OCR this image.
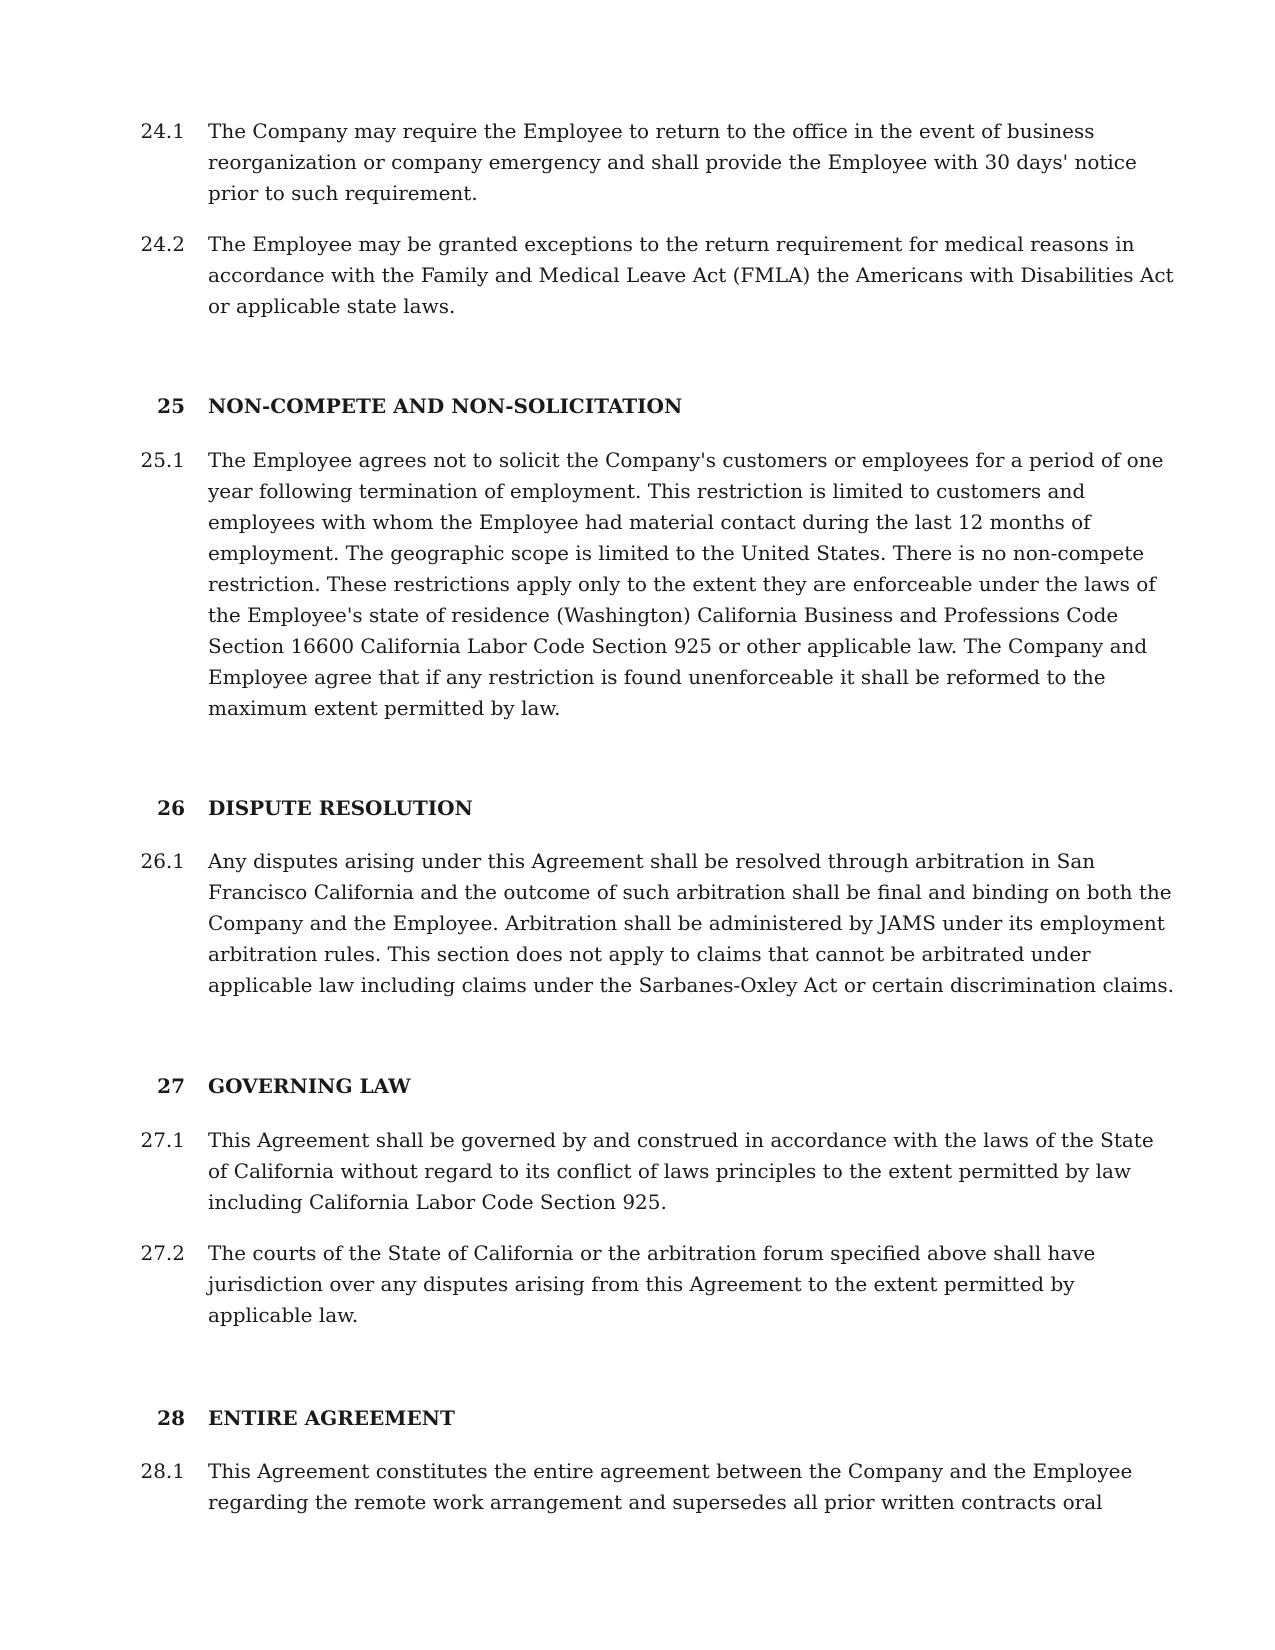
24.1 The Company may require the Employee to return to the office in the event of business
reorganization or company emergency and shall provide the Employee with 30 days' notice
prior to such requirement.
24.2 The Employee may be granted exceptions to the return requirement for medical reasons in
accordance with the Family and Medical Leave Act (FMLA) the Americans with Disabilities Act
or applicable state laws.
25 NON-COMPETE AND NON-SOLICITATION
25.1 The Employee agrees not to solicit the Company's customers or employees for a period of one
year following termination of employment. This restriction is limited to customers and
employees with whom the Employee had material contact during the last 12 months of
employment. The geographic scope is limited to the United States. There is no non-compete
restriction. These restrictions apply only to the extent they are enforceable under the laws of
the Employee's state of residence (Washington) California Business and Professions Code
Section 16600 California Labor Code Section 925 or other applicable law. The Company and
Employee agree that if any restriction is found unenforceable it shall be reformed to the
maximum extent permitted by law.
26 DISPUTE RESOLUTION
26.1 Any disputes arising under this Agreement shall be resolved through arbitration in San
Francisco California and the outcome of such arbitration shall be final and binding on both the
Company and the Employee. Arbitration shall be administered by JAMS under its employment
arbitration rules. This section does not apply to claims that cannot be arbitrated under
applicable law including claims under the Sarbanes-Oxley Act or certain discrimination claims.
27 GOVERNING LAW
27.1 This Agreement shall be governed by and construed in accordance with the laws of the State
of California without regard to its conflict of laws principles to the extent permitted by law
including California Labor Code Section 925.
27.2 The courts of the State of California or the arbitration forum specified above shall have
jurisdiction over any disputes arising from this Agreement to the extent permitted by
applicable law.
28 ENTIRE AGREEMENT
28.1 This Agreement constitutes the entire agreement between the Company and the Employee
regarding the remote work arrangement and supersedes all prior written contracts oral
